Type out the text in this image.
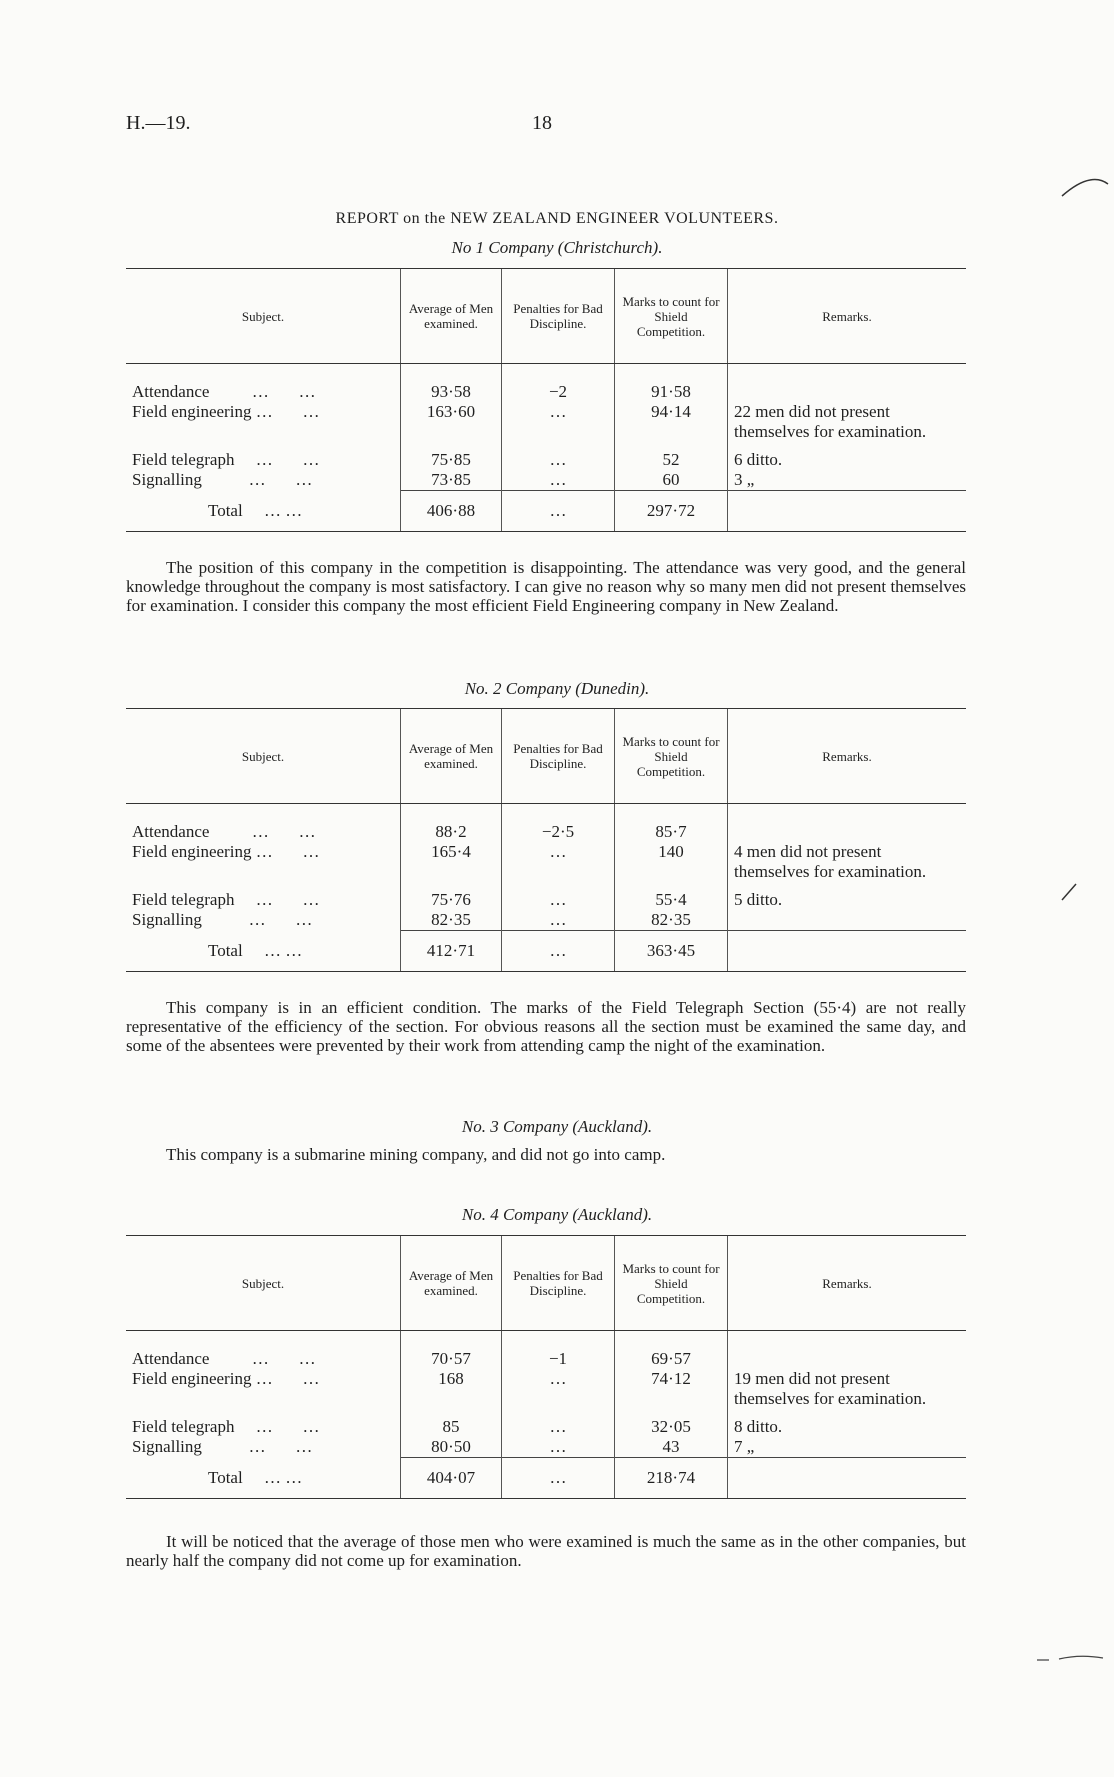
H.—19.	18
REPORT on the NEW ZEALAND ENGINEER VOLUNTEERS.
No 1 Company (Christchurch).
Subject.	Average of Men examined.	Penalties for Bad Discipline.	Marks to count for Shield Competition.	Remarks.

Attendance          …       …	93·58	−2	91·58	
Field engineering …       …	163·60	…	94·14	22 men did not present themselves for examination.
Field telegraph     …       …	75·85	…	52	6 ditto.
Signalling           …       …	73·85	…	60	3 „
Total … …	406·88	…	297·72	
The position of this company in the competition is disappointing. The attendance was very good, and the general knowledge throughout the company is most satisfactory. I can give no reason why so many men did not present themselves for examination. I consider this company the most efficient Field Engineering company in New Zealand.
No. 2 Company (Dunedin).
Subject.	Average of Men examined.	Penalties for Bad Discipline.	Marks to count for Shield Competition.	Remarks.

Attendance          …       …	88·2	−2·5	85·7	
Field engineering …       …	165·4	…	140	4 men did not present themselves for examination.
Field telegraph     …       …	75·76	…	55·4	5 ditto.
Signalling           …       …	82·35	…	82·35	
Total … …	412·71	…	363·45	
This company is in an efficient condition. The marks of the Field Telegraph Section (55·4) are not really representative of the efficiency of the section. For obvious reasons all the section must be examined the same day, and some of the absentees were prevented by their work from attending camp the night of the examination.
No. 3 Company (Auckland).
This company is a submarine mining company, and did not go into camp.
No. 4 Company (Auckland).
Subject.	Average of Men examined.	Penalties for Bad Discipline.	Marks to count for Shield Competition.	Remarks.

Attendance          …       …	70·57	−1	69·57	
Field engineering …       …	168	…	74·12	19 men did not present themselves for examination.
Field telegraph     …       …	85	…	32·05	8 ditto.
Signalling           …       …	80·50	…	43	7 „
Total … …	404·07	…	218·74	
It will be noticed that the average of those men who were examined is much the same as in the other companies, but nearly half the company did not come up for examination.
